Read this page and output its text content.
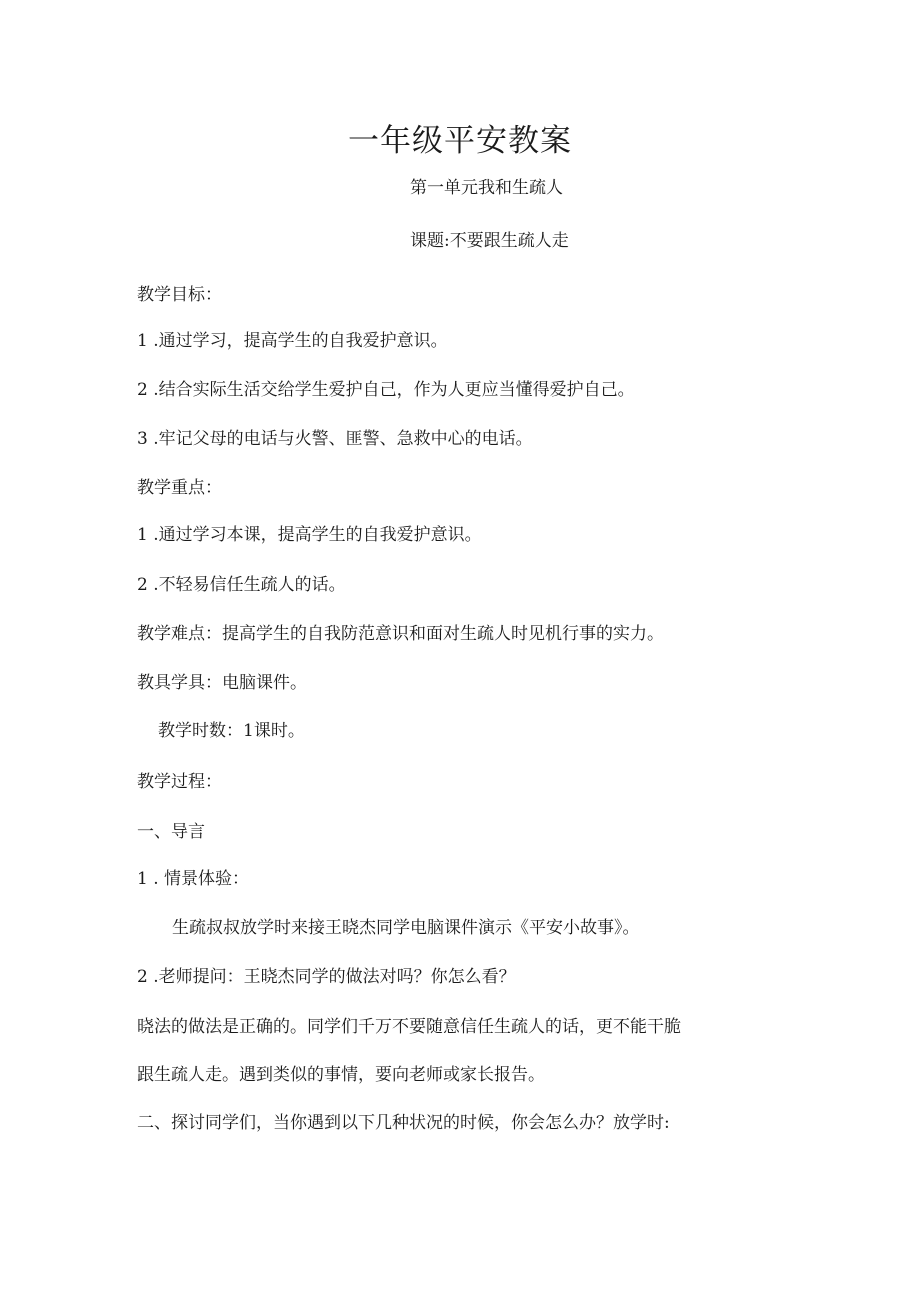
一年级平安教案
第一单元我和生疏人
课题:不要跟生疏人走
教学目标：
1 .通过学习，提高学生的自我爱护意识。
2 .结合实际生活交给学生爱护自己，作为人更应当懂得爱护自己。
3 .牢记父母的电话与火警、匪警、急救中心的电话。
教学重点：
1 .通过学习本课，提高学生的自我爱护意识。
2 .不轻易信任生疏人的话。
教学难点：提高学生的自我防范意识和面对生疏人时见机行事的实力。
教具学具：电脑课件。
教学时数：1课时。
教学过程：
一、导言
1 . 情景体验：
生疏叔叔放学时来接王晓杰同学电脑课件演示《平安小故事》。
2 .老师提问：王晓杰同学的做法对吗？你怎么看？
晓法的做法是正确的。同学们千万不要随意信任生疏人的话，更不能干脆
跟生疏人走。遇到类似的事情，要向老师或家长报告。
二、探讨同学们，当你遇到以下几种状况的时候，你会怎么办？放学时:
